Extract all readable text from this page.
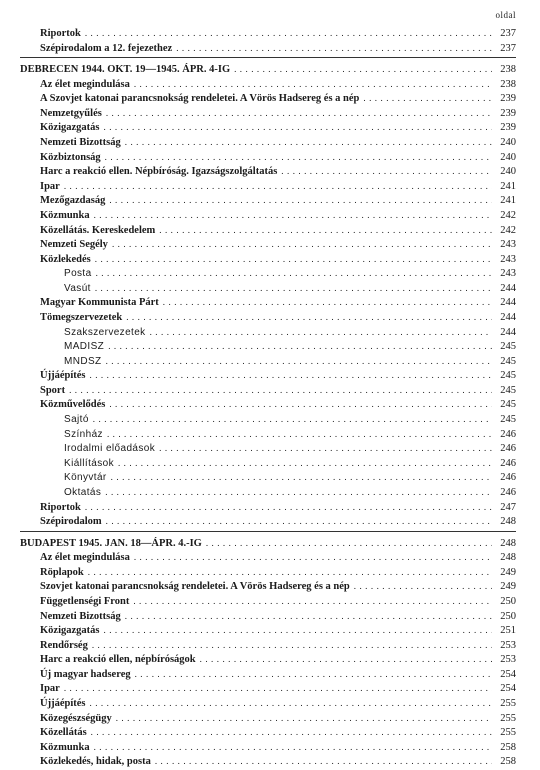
oldal
Riportok . . .	237
Szépirodalom a 12. fejezethez . . .	237
DEBRECEN 1944. OKT. 19—1945. ÁPR. 4-IG . . .	238
Az élet megindulása . . .	238
A Szovjet katonai parancsnokság rendeletei. A Vörös Hadsereg és a nép . . .	239
Nemzetgyűlés . . .	239
Közigazgatás . . .	239
Nemzeti Bizottság . . .	240
Közbiztonság . . .	240
Harc a reakció ellen. Népbíróság. Igazságszolgáltatás . . .	240
Ipar . . .	241
Mezőgazdaság . . .	241
Közmunka . . .	242
Közellátás. Kereskedelem . . .	242
Nemzeti Segély . . .	243
Közlekedés . . .	243
Posta . . .	243
Vasút . . .	244
Magyar Kommunista Párt . . .	244
Tömegszervezetek . . .	244
Szakszervezetek . . .	244
MADISZ . . .	245
MNDSZ . . .	245
Újjáépítés . . .	245
Sport . . .	245
Közművelődés . . .	245
Sajtó . . .	245
Színház . . .	246
Irodalmi előadások . . .	246
Kiállítások . . .	246
Könyvtár . . .	246
Oktatás . . .	246
Riportok . . .	247
Szépirodalom . . .	248
BUDAPEST 1945. JAN. 18—ÁPR. 4.-IG . . .	248
Az élet megindulása . . .	248
Röplapok . . .	249
Szovjet katonai parancsnokság rendeletei. A Vörös Hadsereg és a nép . . .	249
Függetlenségi Front . . .	250
Nemzeti Bizottság . . .	250
Közigazgatás . . .	251
Rendőrség . . .	253
Harc a reakció ellen, népbíróságok . . .	253
Új magyar hadsereg . . .	254
Ipar . . .	254
Újjáépítés . . .	255
Közegészségügy . . .	255
Közellátás . . .	255
Közmunka . . .	258
Közlekedés, hidak, posta . . .	258
